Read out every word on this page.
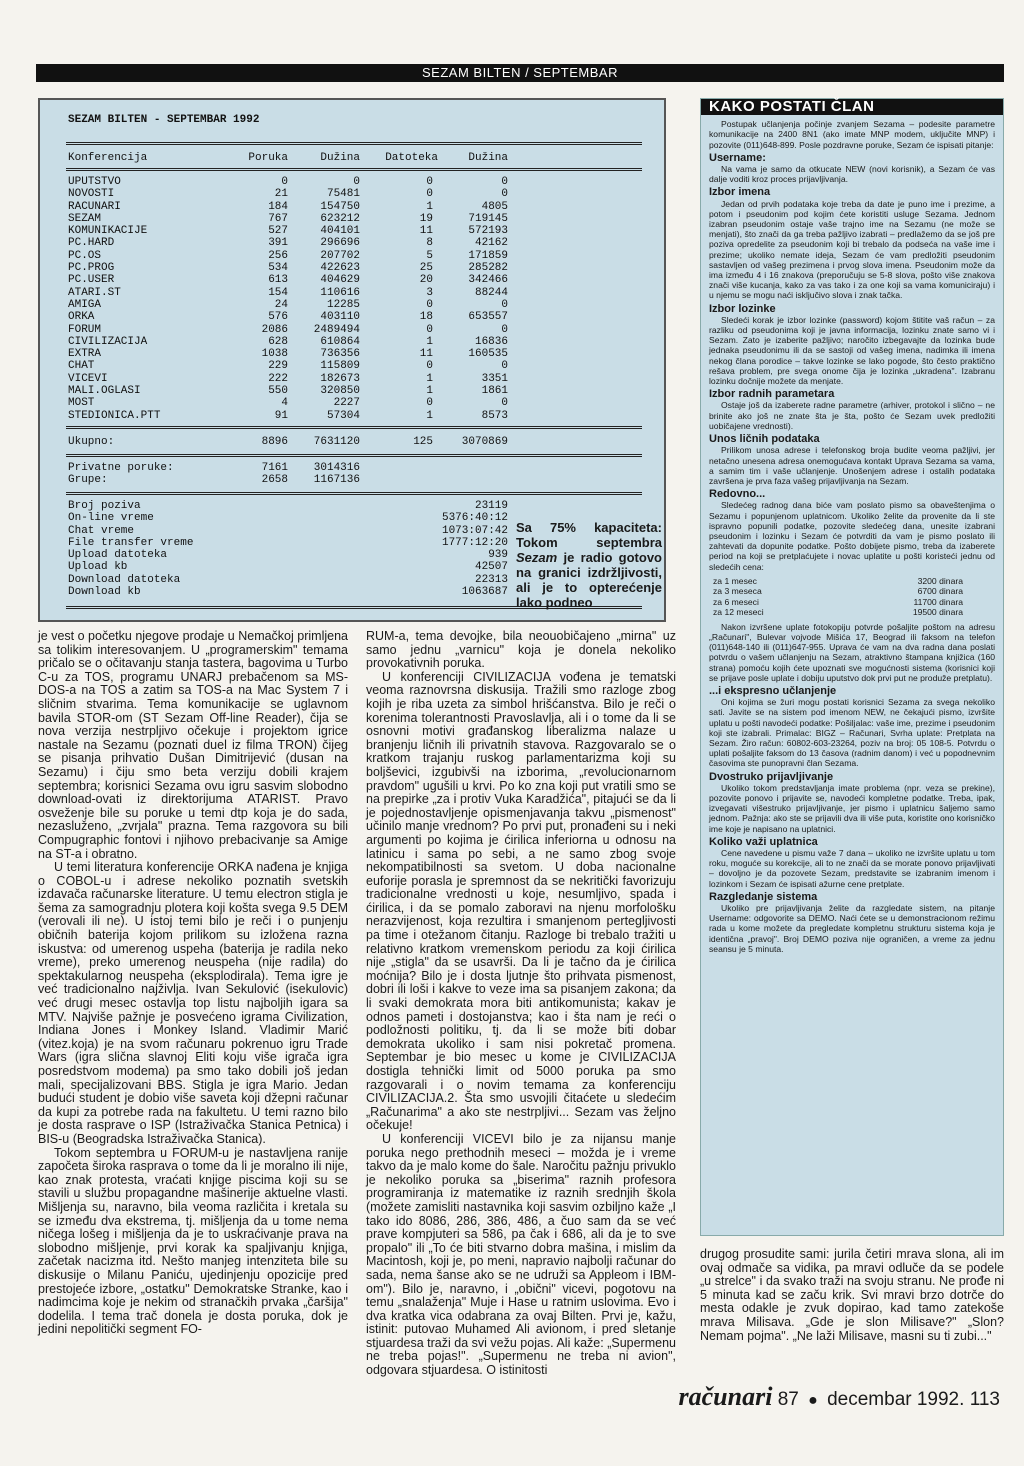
SEZAM BILTEN / SEPTEMBAR
SEZAM BILTEN - SEPTEMBAR 1992
Konferencija	Poruka	Dužina	Datoteka	Dužina
UPUTSTVO	0	0	0	0
NOVOSTI	21	75481	0	0
RACUNARI	184	154750	1	4805
SEZAM	767	623212	19	719145
KOMUNIKACIJE	527	404101	11	572193
PC.HARD	391	296696	8	42162
PC.OS	256	207702	5	171859
PC.PROG	534	422623	25	285282
PC.USER	613	404629	20	342466
ATARI.ST	154	110616	3	88244
AMIGA	24	12285	0	0
ORKA	576	403110	18	653557
FORUM	2086	2489494	0	0
CIVILIZACIJA	628	610864	1	16836
EXTRA	1038	736356	11	160535
CHAT	229	115809	0	0
VICEVI	222	182673	1	3351
MALI.OGLASI	550	320850	1	1861
MOST	4	2227	0	0
STEDIONICA.PTT	91	57304	1	8573
Ukupno:	8896	7631120	125	3070869
Privatne poruke:	7161	3014316
Grupe:	2658	1167136
Broj poziva	23119
On-line vreme	5376:40:12
Chat vreme	1073:07:42
File transfer vreme	1777:12:20
Upload datoteka	939
Upload kb	42507
Download datoteka	22313
Download kb	1063687
Sa 75% kapaciteta: Tokom septembra Sezam je radio gotovo na granici izdržljivosti, ali je to opterećenje lako podneo

je vest o početku njegove prodaje u Nemačkoj primljena sa tolikim interesovanjem. U „programerskim" temama pričalo se o očitavanju stanja tastera, bagovima u Turbo C-u za TOS, programu UNARJ prebačenom sa MS-DOS-a na TOS a zatim sa TOS-a na Mac System 7 i sličnim stvarima. Tema komunikacije se uglavnom bavila STOR-om (ST Sezam Off-line Reader), čija se nova verzija nestrpljivo očekuje i projektom igrice nastale na Sezamu (poznati duel iz filma TRON) čijeg se pisanja prihvatio Dušan Dimitrijević (dusan na Sezamu) i čiju smo beta verziju dobili krajem septembra; korisnici Sezama ovu igru sasvim slobodno download-ovati iz direktorijuma ATARIST. Pravo osveženje bile su poruke u temi dtp koja je do sada, nezasluženo, „zvrjala" prazna. Tema razgovora su bili Compugraphic fontovi i njihovo prebacivanje sa Amige na ST-a i obratno.

U temi literatura konferencije ORKA nađena je knjiga o COBOL-u i adrese nekoliko poznatih svetskih izdavača računarske literature. U temu electron stigla je šema za samogradnju plotera koji košta svega 9.5 DEM (verovali ili ne). U istoj temi bilo je reči i o punjenju običnih baterija kojom prilikom su izložena razna iskustva: od umerenog uspeha (baterija je radila neko vreme), preko umerenog neuspeha (nije radila) do spektakularnog neuspeha (eksplodirala). Tema igre je već tradicionalno najživlja. Ivan Sekulović (isekulovic) već drugi mesec ostavlja top listu najboljih igara sa MTV. Najviše pažnje je posvećeno igrama Civilization, Indiana Jones i Monkey Island. Vladimir Marić (vitez.koja) je na svom računaru pokrenuo igru Trade Wars (igra slična slavnoj Eliti koju više igrača igra posredstvom modema) pa smo tako dobili još jedan mali, specijalizovani BBS. Stigla je igra Mario. Jedan budući student je dobio više saveta koji džepni računar da kupi za potrebe rada na fakultetu. U temi razno bilo je dosta rasprave o ISP (Istraživačka Stanica Petnica) i BIS-u (Beogradska Istraživačka Stanica).

Tokom septembra u FORUM-u je nastavljena ranije započeta široka rasprava o tome da li je moralno ili nije, kao znak protesta, vraćati knjige piscima koji su se stavili u službu propagandne mašinerije aktuelne vlasti. Mišljenja su, naravno, bila veoma različita i kretala su se između dva ekstrema, tj. mišljenja da u tome nema ničega lošeg i mišljenja da je to uskraćivanje prava na slobodno mišljenje, prvi korak ka spaljivanju knjiga, začetak nacizma itd. Nešto manjeg intenziteta bile su diskusije o Milanu Paniću, ujedinjenju opozicije pred prestojeće izbore, „ostatku" Demokratske Stranke, kao i nadimcima koje je nekim od stranačkih prvaka „čaršija" dodelila. I tema trač donela je dosta poruka, dok je jedini nepolitički segment FO-

RUM-a, tema devojke, bila neouobičajeno „mirna" uz samo jednu „varnicu" koja je donela nekoliko provokativnih poruka.

U konferenciji CIVILIZACIJA vođena je tematski veoma raznovrsna diskusija. Tražili smo razloge zbog kojih je riba uzeta za simbol hrišćanstva. Bilo je reči o korenima tolerantnosti Pravoslavlja, ali i o tome da li se osnovni motivi građanskog liberalizma nalaze u branjenju ličnih ili privatnih stavova. Razgovaralo se o kratkom trajanju ruskog parlamentarizma koji su boljševici, izgubivši na izborima, „revolucionarnom pravdom" ugušili u krvi. Po ko zna koji put vratili smo se na prepirke „za i protiv Vuka Karadžića", pitajući se da li je pojednostavljenje opismenjavanja takvu „pismenost" učinilo manje vrednom? Po prvi put, pronađeni su i neki argumenti po kojima je ćirilica inferiorna u odnosu na latinicu i sama po sebi, a ne samo zbog svoje nekompatibilnosti sa svetom. U doba nacionalne euforije porasla je spremnost da se nekritički favorizuju tradicionalne vrednosti u koje, nesumljivo, spada i ćirilica, i da se pomalo zaboravi na njenu morfološku nerazvijenost, koja rezultira i smanjenom pertegljivosti pa time i otežanom čitanju. Razloge bi trebalo tražiti u relativno kratkom vremenskom periodu za koji ćirilica nije „stigla" da se usavrši. Da li je tačno da je ćirilica moćnija? Bilo je i dosta ljutnje što prihvata pismenost, dobri ili loši i kakve to veze ima sa pisanjem zakona; da li svaki demokrata mora biti antikomunista; kakav je odnos pameti i dostojanstva; kao i šta nam je reći o podložnosti politiku, tj. da li se može biti dobar demokrata ukoliko i sam nisi pokretač promena. Septembar je bio mesec u kome je CIVILIZACIJA dostigla tehnički limit od 5000 poruka pa smo razgovarali i o novim temama za konferenciju CIVILIZACIJA.2. Šta smo usvojili čitaćete u sledećim „Računarima" a ako ste nestrpljivi... Sezam vas željno očekuje!

U konferenciji VICEVI bilo je za nijansu manje poruka nego prethodnih meseci – možda je i vreme takvo da je malo kome do šale. Naročitu pažnju privuklo je nekoliko poruka sa „biserima" raznih profesora programiranja iz matematike iz raznih srednjih škola (možete zamisliti nastavnika koji sasvim ozbiljno kaže „I tako ido 8086, 286, 386, 486, a čuo sam da se već prave kompjuteri sa 586, pa čak i 686, ali da je to sve propalo" ili „To će biti stvarno dobra mašina, i mislim da Macintosh, koji je, po meni, napravio najbolji računar do sada, nema šanse ako se ne udruži sa Appleom i IBM-om"). Bilo je, naravno, i „obični" vicevi, pogotovu na temu „snalaženja" Muje i Hase u ratnim uslovima. Evo i dva kratka vica odabrana za ovaj Bilten. Prvi je, kažu, istinit: putovao Muhamed Ali avionom, i pred sletanje stjuardesa traži da svi vežu pojas. Ali kaže: „Supermenu ne treba pojas!". „Supermenu ne treba ni avion", odgovara stjuardesa. O istinitosti

KAKO POSTATI ČLAN

Postupak učlanjenja počinje zvanjem Sezama – podesite parametre komunikacije na 2400 8N1 (ako imate MNP modem, uključite MNP) i pozovite (011)648-899. Posle pozdravne poruke, Sezam će ispisati pitanje:

Username:

Na vama je samo da otkucate NEW (novi korisnik), a Sezam će vas dalje voditi kroz proces prijavljivanja.

Izbor imena

Jedan od prvih podataka koje treba da date je puno ime i prezime, a potom i pseudonim pod kojim ćete koristiti usluge Sezama. Jednom izabran pseudonim ostaje vaše trajno ime na Sezamu (ne može se menjati), što znači da ga treba pažljivo izabrati – predlažemo da se još pre poziva opredelite za pseudonim koji bi trebalo da podseća na vaše ime i prezime; ukoliko nemate ideja, Sezam će vam predložiti pseudonim sastavljen od vašeg prezimena i prvog slova imena. Pseudonim može da ima između 4 i 16 znakova (preporučuju se 5-8 slova, pošto više znakova znači više kucanja, kako za vas tako i za one koji sa vama komuniciraju) i u njemu se mogu naći isključivo slova i znak tačka.

Izbor lozinke

Sledeći korak je izbor lozinke (password) kojom štitite vaš račun – za razliku od pseudonima koji je javna informacija, lozinku znate samo vi i Sezam. Zato je izaberite pažljivo; naročito izbegavajte da lozinka bude jednaka pseudonimu ili da se sastoji od vašeg imena, nadimka ili imena nekog člana porodice – takve lozinke se lako pogode, što često praktično rešava problem, pre svega onome čija je lozinka „ukradena". Izabranu lozinku dočnije možete da menjate.

Izbor radnih parametara

Ostaje još da izaberete radne parametre (arhiver, protokol i slično – ne brinite ako još ne znate šta je šta, pošto će Sezam uvek predložiti uobičajene vrednosti).

Unos ličnih podataka

Prilikom unosa adrese i telefonskog broja budite veoma pažljivi, jer netačno unesena adresa onemogućava kontakt Uprava Sezama sa vama, a samim tim i vaše učlanjenje. Unošenjem adrese i ostalih podataka završena je prva faza vašeg prijavljivanja na Sezam.

Redovno...

Sledećeg radnog dana biće vam poslato pismo sa obaveštenjima o Sezamu i popunjenom uplatnicom. Ukoliko želite da provenite da li ste ispravno popunili podatke, pozovite sledećeg dana, unesite izabrani pseudonim i lozinku i Sezam će potvrditi da vam je pismo poslato ili zahtevati da dopunite podatke. Pošto dobijete pismo, treba da izaberete period na koji se pretplaćujete i novac uplatite u pošti koristeći jednu od sledećih cena:

za 1 mesec	3200 dinara
za 3 meseca	6700 dinara
za 6 meseci	11700 dinara
za 12 meseci	19500 dinara

Nakon izvršene uplate fotokopiju potvrde pošaljite poštom na adresu „Računari", Bulevar vojvode Mišića 17, Beograd ili faksom na telefon (011)648-140 ili (011)647-955. Uprava će vam na dva radna dana poslati potvrdu o vašem učlanjenju na Sezam, atraktivno štampana knjižica (160 strana) pomoću kojih ćete upoznati sve mogućnosti sistema (korisnici koji se prijave posle uplate i dobiju uputstvo dok prvi put ne produže pretplatu).

...i ekspresno učlanjenje

Oni kojima se žuri mogu postati korisnici Sezama za svega nekoliko sati. Javite se na sistem pod imenom NEW, ne čekajući pismo, izvršite uplatu u pošti navodeći podatke: Pošiljalac: vaše ime, prezime i pseudonim koji ste izabrali. Primalac: BIGZ – Računari, Svrha uplate: Pretplata na Sezam. Žiro račun: 60802-603-23264, poziv na broj: 05 108-5. Potvrdu o uplati pošaljite faksom do 13 časova (radnim danom) i već u popodnevnim časovima ste punopravni član Sezama.

Dvostruko prijavljivanje

Ukoliko tokom predstavljanja imate problema (npr. veza se prekine), pozovite ponovo i prijavite se, navodeći kompletne podatke. Treba, ipak, izvegavati višestruko prijavljivanje, jer pismo i uplatnicu šaljemo samo jednom. Pažnja: ako ste se prijavili dva ili više puta, koristite ono korisničko ime koje je napisano na uplatnici.

Koliko važi uplatnica

Cene navedene u pismu važe 7 dana – ukoliko ne izvršite uplatu u tom roku, moguće su korekcije, ali to ne znači da se morate ponovo prijavljivati – dovoljno je da pozovete Sezam, predstavite se izabranim imenom i lozinkom i Sezam će ispisati ažurne cene pretplate.

Razgledanje sistema

Ukoliko pre prijavljivanja želite da razgledate sistem, na pitanje Username: odgovorite sa DEMO. Naći ćete se u demonstracionom režimu rada u kome možete da pregledate kompletnu strukturu sistema koja je identična „pravoj". Broj DEMO poziva nije ograničen, a vreme za jednu seansu je 5 minuta.

drugog prosudite sami: jurila četiri mrava slona, ali im ovaj odmače sa vidika, pa mravi odluče da se podele „u strelce" i da svako traži na svoju stranu. Ne prođe ni 5 minuta kad se začu krik. Svi mravi brzo dotrče do mesta odakle je zvuk dopirao, kad tamo zatekoše mrava Milisava. „Gde je slon Milisave?" „Slon? Nemam pojma". „Ne laži Milisave, masni su ti zubi..."
računari 87 ● decembar 1992. 113
